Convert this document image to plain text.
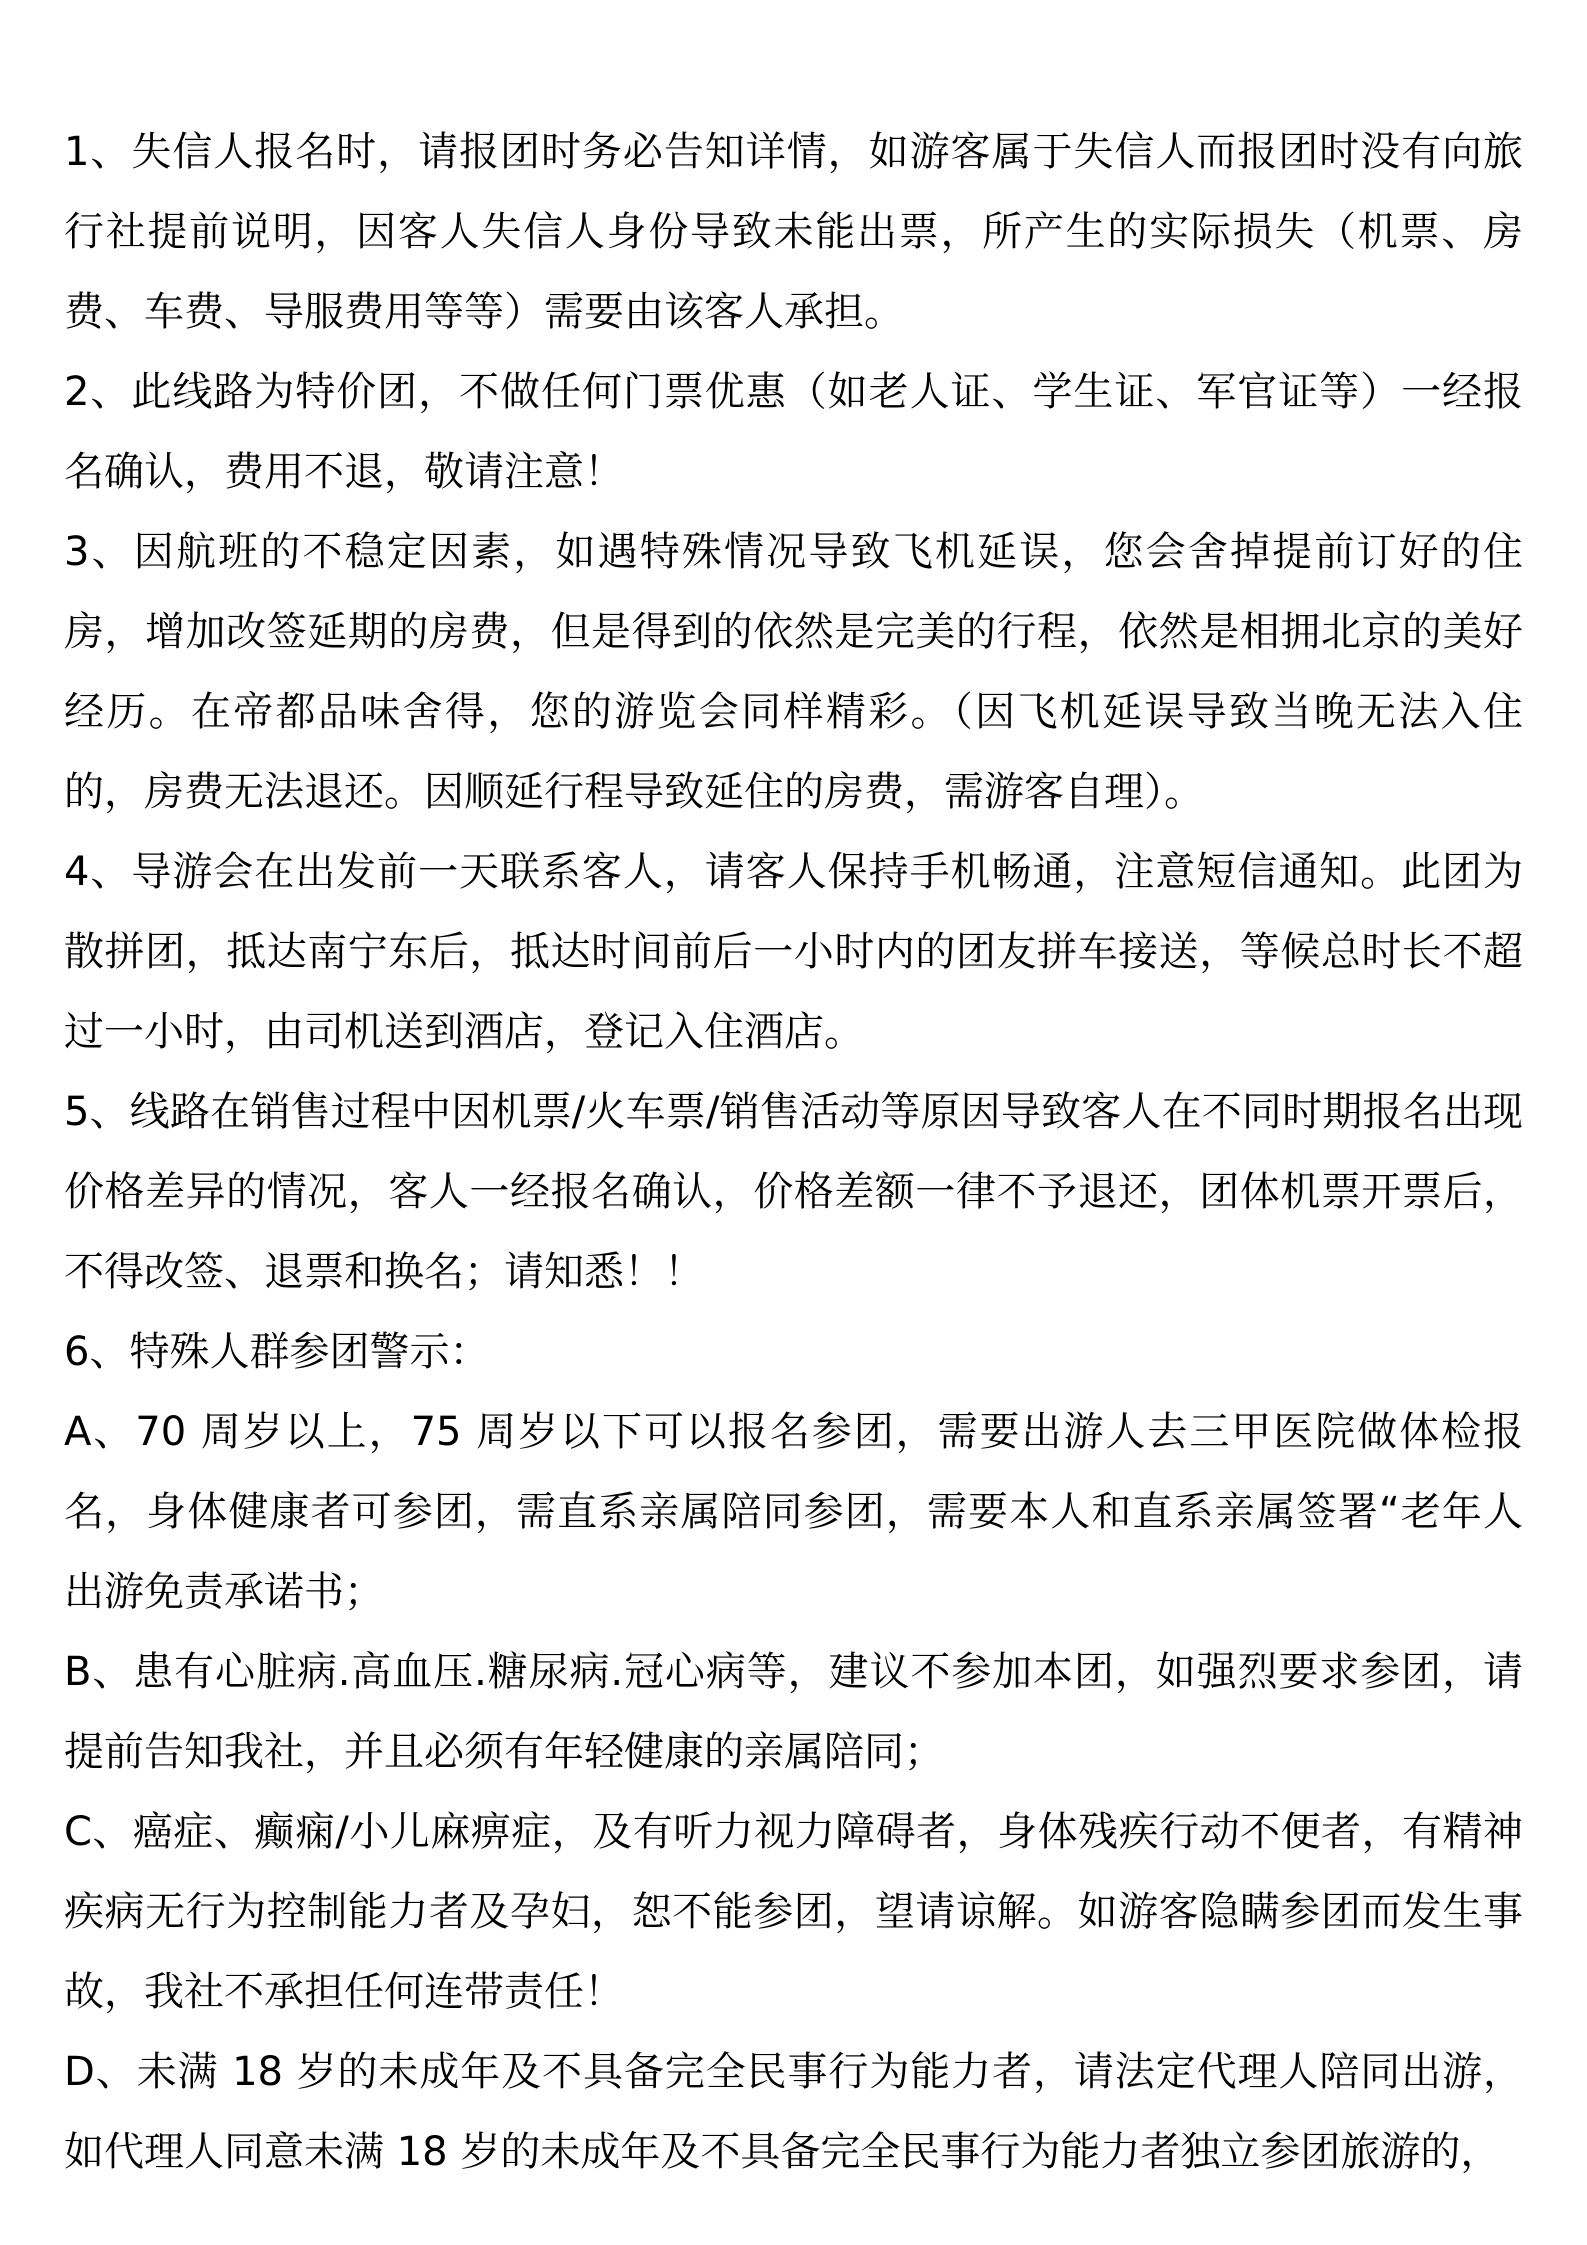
1、失信人报名时，请报团时务必告知详情，如游客属于失信人而报团时没有向旅行社提前说明，因客人失信人身份导致未能出票，所产生的实际损失（机票、房费、车费、导服费用等等）需要由该客人承担。

2、此线路为特价团，不做任何门票优惠（如老人证、学生证、军官证等）一经报名确认，费用不退，敬请注意！

3、因航班的不稳定因素，如遇特殊情况导致飞机延误，您会舍掉提前订好的住房，增加改签延期的房费，但是得到的依然是完美的行程，依然是相拥北京的美好经历。在帝都品味舍得，您的游览会同样精彩。（因飞机延误导致当晚无法入住的，房费无法退还。因顺延行程导致延住的房费，需游客自理）。

4、导游会在出发前一天联系客人，请客人保持手机畅通，注意短信通知。此团为散拼团，抵达南宁东后，抵达时间前后一小时内的团友拼车接送，等候总时长不超过一小时，由司机送到酒店，登记入住酒店。

5、线路在销售过程中因机票/火车票/销售活动等原因导致客人在不同时期报名出现价格差异的情况，客人一经报名确认，价格差额一律不予退还，团体机票开票后，不得改签、退票和换名；请知悉！！

6、特殊人群参团警示：

A、70 周岁以上，75 周岁以下可以报名参团，需要出游人去三甲医院做体检报名，身体健康者可参团，需直系亲属陪同参团，需要本人和直系亲属签署“老年人出游免责承诺书；

B、患有心脏病.高血压.糖尿病.冠心病等，建议不参加本团，如强烈要求参团，请提前告知我社，并且必须有年轻健康的亲属陪同；

C、癌症、癫痫/小儿麻痹症，及有听力视力障碍者，身体残疾行动不便者，有精神疾病无行为控制能力者及孕妇，恕不能参团，望请谅解。如游客隐瞒参团而发生事故，我社不承担任何连带责任！

D、未满 18 岁的未成年及不具备完全民事行为能力者，请法定代理人陪同出游，如代理人同意未满 18 岁的未成年及不具备完全民事行为能力者独立参团旅游的，
